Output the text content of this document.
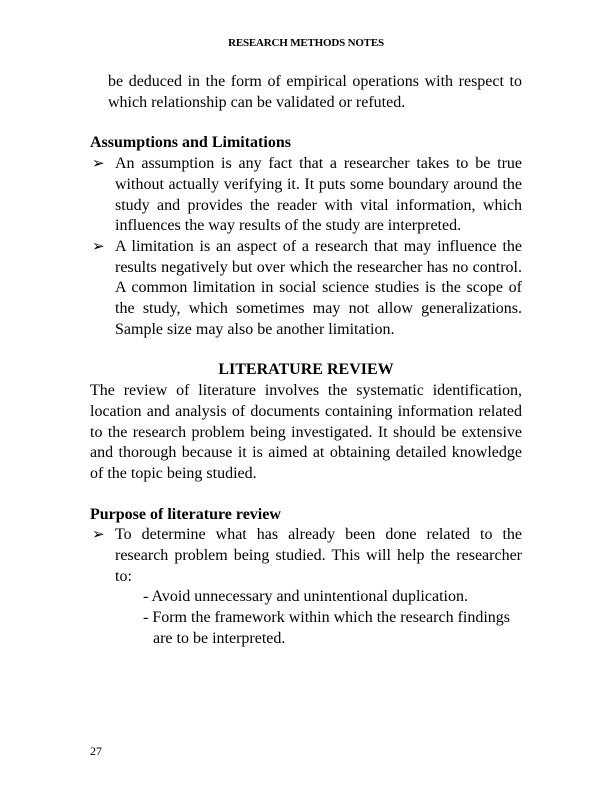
RESEARCH METHODS NOTES
be deduced in the form of empirical operations with respect to which relationship can be validated or refuted.
Assumptions and Limitations
➢ An assumption is any fact that a researcher takes to be true without actually verifying it. It puts some boundary around the study and provides the reader with vital information, which influences the way results of the study are interpreted.
➢ A limitation is an aspect of a research that may influence the results negatively but over which the researcher has no control. A common limitation in social science studies is the scope of the study, which sometimes may not allow generalizations. Sample size may also be another limitation.
LITERATURE REVIEW
The review of literature involves the systematic identification, location and analysis of documents containing information related to the research problem being investigated. It should be extensive and thorough because it is aimed at obtaining detailed knowledge of the topic being studied.
Purpose of literature review
➢ To determine what has already been done related to the research problem being studied. This will help the researcher to:
- Avoid unnecessary and unintentional duplication.
- Form the framework within which the research findings are to be interpreted.
27
